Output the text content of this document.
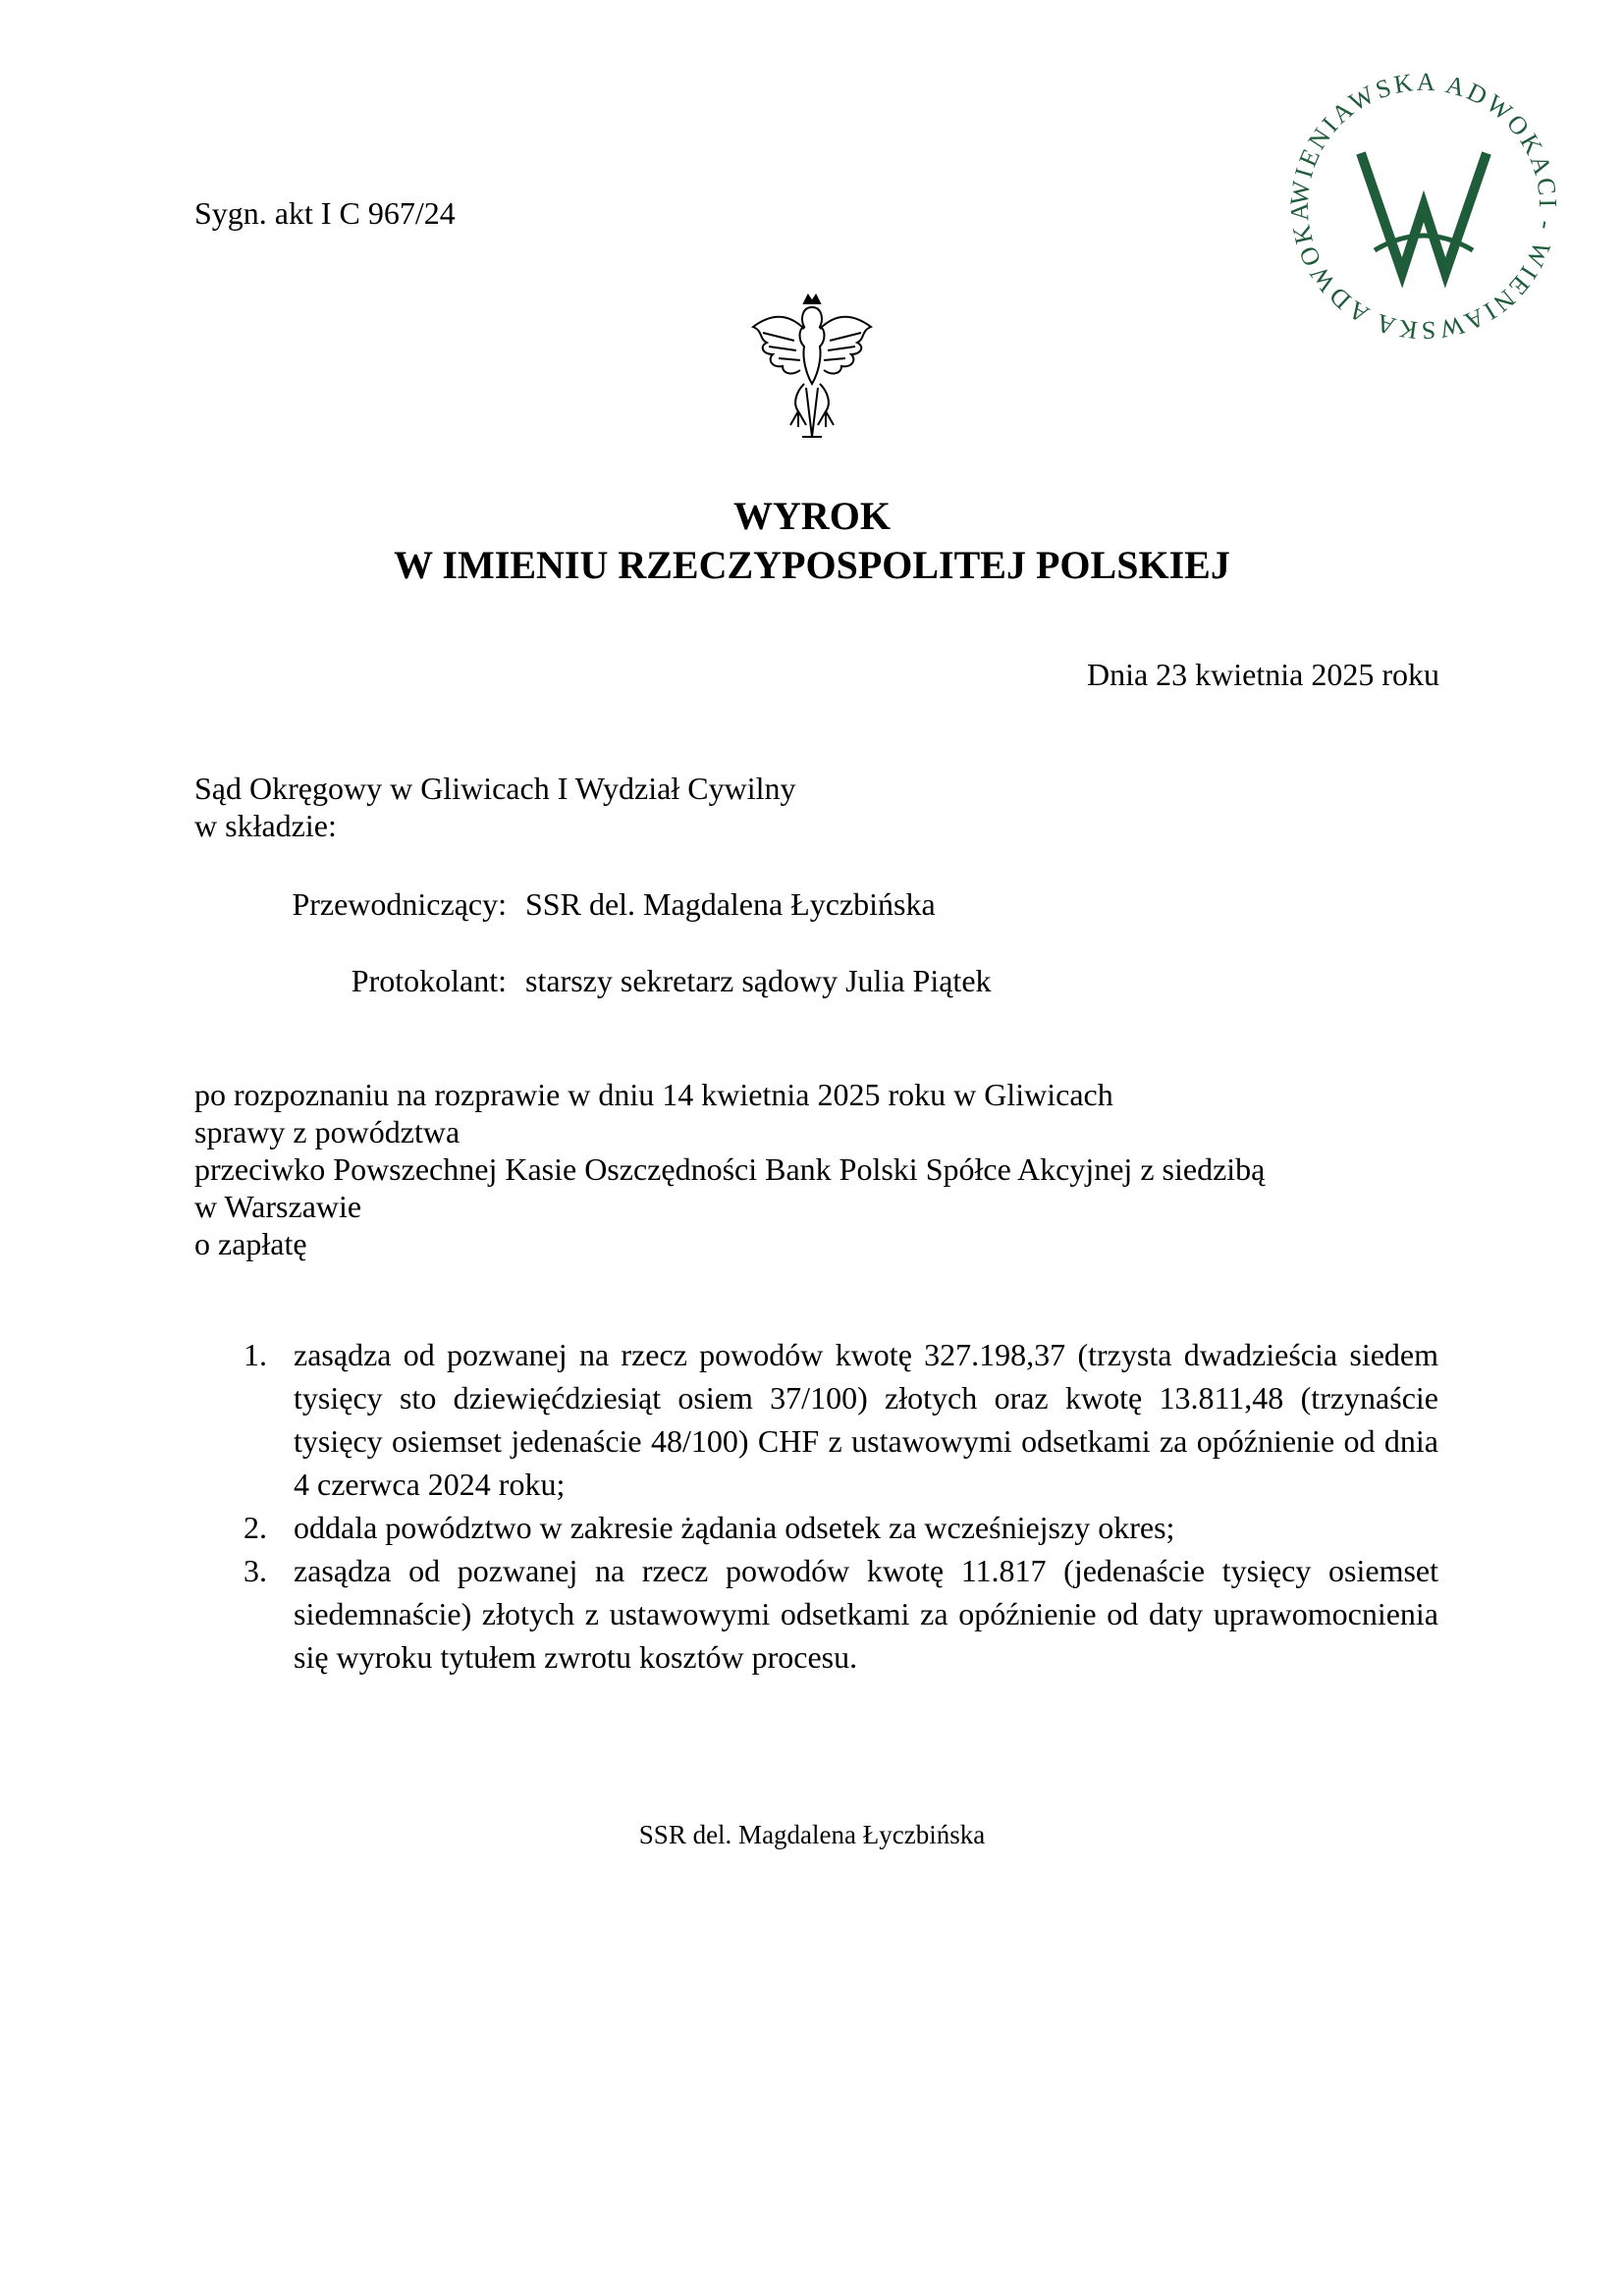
Sygn. akt I C 967/24
WIENIAWSKA ADWOKACI - WIENIAWSKA ADWOKA
WYROK
W IMIENIU RZECZYPOSPOLITEJ POLSKIEJ
Dnia 23 kwietnia 2025 roku
Sąd Okręgowy w Gliwicach I Wydział Cywilny
w składzie:
Przewodniczący: SSR del. Magdalena Łyczbińska
Protokolant: starszy sekretarz sądowy Julia Piątek
po rozpoznaniu na rozprawie w dniu 14 kwietnia 2025 roku w Gliwicach
sprawy z powództwa
przeciwko Powszechnej Kasie Oszczędności Bank Polski Spółce Akcyjnej z siedzibą
w Warszawie
o zapłatę
1. zasądza od pozwanej na rzecz powodów kwotę 327.198,37 (trzysta dwadzieścia siedem tysięcy sto dziewięćdziesiąt osiem 37/100) złotych oraz kwotę 13.811,48 (trzynaście tysięcy osiemset jedenaście 48/100) CHF z ustawowymi odsetkami za opóźnienie od dnia 4 czerwca 2024 roku;
2. oddala powództwo w zakresie żądania odsetek za wcześniejszy okres;
3. zasądza od pozwanej na rzecz powodów kwotę 11.817 (jedenaście tysięcy osiemset siedemnaście) złotych z ustawowymi odsetkami za opóźnienie od daty uprawomocnienia się wyroku tytułem zwrotu kosztów procesu.
SSR del. Magdalena Łyczbińska
